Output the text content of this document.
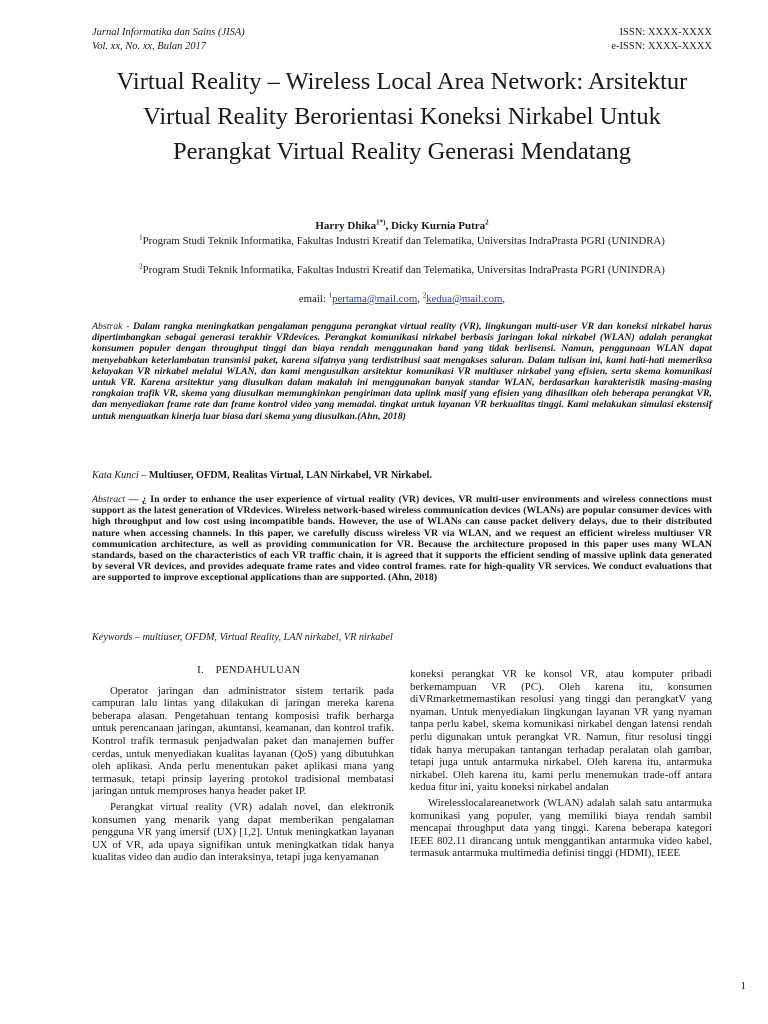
Jurnal Informatika dan Sains (JISA)
Vol. xx, No. xx, Bulan 2017
ISSN: XXXX-XXXX
e-ISSN: XXXX-XXXX
Virtual Reality – Wireless Local Area Network: Arsitektur Virtual Reality Berorientasi Koneksi Nirkabel Untuk Perangkat Virtual Reality Generasi Mendatang
Harry Dhika$^{1*)}$, Dicky Kurnia Putra$^2$
$^1$Program Studi Teknik Informatika, Fakultas Industri Kreatif dan Telematika, Universitas IndraPrasta PGRI (UNINDRA)
$^2$Program Studi Teknik Informatika, Fakultas Industri Kreatif dan Telematika, Universitas IndraPrasta PGRI (UNINDRA)
email: $^1$pertama@mail.com, $^2$kedua@mail.com,
Abstrak - Dalam rangka meningkatkan pengalaman pengguna perangkat virtual reality (VR), lingkungan multi-user VR dan koneksi nirkabel harus dipertimbangkan sebagai generasi terakhir VRdevices. Perangkat komunikasi nirkabel berbasis jaringan lokal nirkabel (WLAN) adalah perangkat konsumen populer dengan throughput tinggi dan biaya rendah menggunakan band yang tidak berlisensi. Namun, penggunaan WLAN dapat menyebabkan keterlambatan transmisi paket, karena sifatnya yang terdistribusi saat mengakses saluran. Dalam tulisan ini, kami hati-hati memeriksa kelayakan VR nirkabel melalui WLAN, dan kami mengusulkan arsitektur komunikasi VR multiuser nirkabel yang efisien, serta skema komunikasi untuk VR. Karena arsitektur yang diusulkan dalam makalah ini menggunakan banyak standar WLAN, berdasarkan karakteristik masing-masing rangkaian trafik VR, skema yang diusulkan memungkinkan pengiriman data uplink masif yang efisien yang dihasilkan oleh beberapa perangkat VR, dan menyediakan frame rate dan frame kontrol video yang memadai. tingkat untuk layanan VR berkualitas tinggi. Kami melakukan simulasi ekstensif untuk menguatkan kinerja luar biasa dari skema yang diusulkan.(Ahn, 2018)
Kata Kunci – Multiuser, OFDM, Realitas Virtual, LAN Nirkabel, VR Nirkabel.
Abstract — ¿ In order to enhance the user experience of virtual reality (VR) devices, VR multi-user environments and wireless connections must support as the latest generation of VRdevices. Wireless network-based wireless communication devices (WLANs) are popular consumer devices with high throughput and low cost using incompatible bands. However, the use of WLANs can cause packet delivery delays, due to their distributed nature when accessing channels. In this paper, we carefully discuss wireless VR via WLAN, and we request an efficient wireless multiuser VR communication architecture, as well as providing communication for VR. Because the architecture proposed in this paper uses many WLAN standards, based on the characteristics of each VR traffic chain, it is agreed that it supports the efficient sending of massive uplink data generated by several VR devices, and provides adequate frame rates and video control frames. rate for high-quality VR services. We conduct evaluations that are supported to improve exceptional applications than are supported. (Ahn, 2018)
Keywords – multiuser, OFDM, Virtual Reality, LAN nirkabel, VR nirkabel
I. PENDAHULUAN

Operator jaringan dan administrator sistem tertarik pada campuran lalu lintas yang dilakukan di jaringan mereka karena beberapa alasan. Pengetahuan tentang komposisi trafik berharga untuk perencanaan jaringan, akuntansi, keamanan, dan kontrol trafik. Kontrol trafik termasuk penjadwalan paket dan manajemen buffer cerdas, untuk menyediakan kualitas layanan (QoS) yang dibutuhkan oleh aplikasi. Anda perlu menentukan paket aplikasi mana yang termasuk, tetapi prinsip layering protokol tradisional membatasi jaringan untuk memproses hanya header paket IP.

Perangkat virtual reality (VR) adalah novel, dan elektronik konsumen yang menarik yang dapat memberikan pengalaman pengguna VR yang imersif (UX) [1,2]. Untuk meningkatkan layanan UX of VR, ada upaya signifikan untuk meningkatkan tidak hanya kualitas video dan audio dan interaksinya, tetapi juga kenyamanan

koneksi perangkat VR ke konsol VR, atau komputer pribadi berkemampuan VR (PC). Oleh karena itu, konsumen diVRmarketmemastikan resolusi yang tinggi dan perangkatV yang nyaman. Untuk menyediakan lingkungan layanan VR yang nyaman tanpa perlu kabel, skema komunikasi nirkabel dengan latensi rendah perlu digunakan untuk perangkat VR. Namun, fitur resolusi tinggi tidak hanya merupakan tantangan terhadap peralatan olah gambar, tetapi juga untuk antarmuka nirkabel. Oleh karena itu, antarmuka nirkabel. Oleh karena itu, kami perlu menemukan trade-off antara kedua fitur ini, yaitu koneksi nirkabel andalan

Wirelesslocalareanetwork (WLAN) adalah salah satu antarmuka komunikasi yang populer, yang memiliki biaya rendah sambil mencapai throughput data yang tinggi. Karena beberapa kategori IEEE 802.11 dirancang untuk menggantikan antarmuka video kabel, termasuk antarmuka multimedia definisi tinggi (HDMI), IEEE

1
